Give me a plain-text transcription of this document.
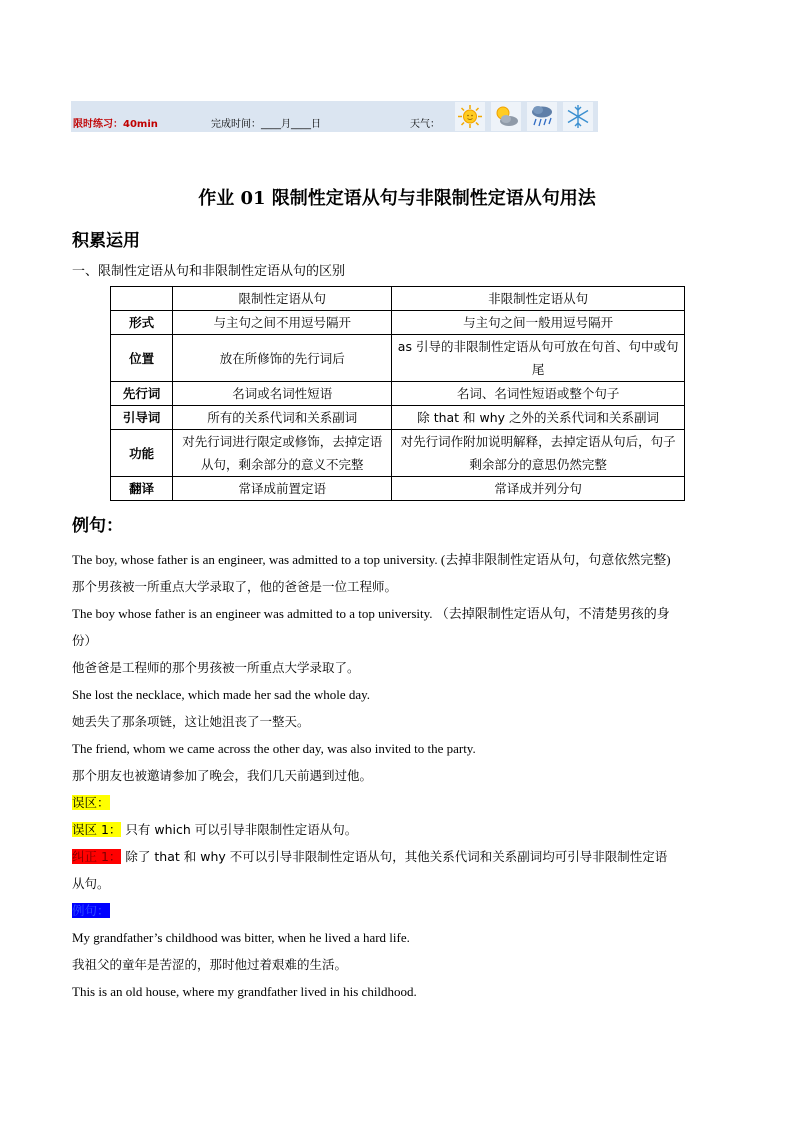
限时练习：40min	完成时间：____月____日	天气：
作业 01 限制性定语从句与非限制性定语从句用法
积累运用
一、限制性定语从句和非限制性定语从句的区别
	限制性定语从句	非限制性定语从句
形式	与主句之间不用逗号隔开	与主句之间一般用逗号隔开
位置	放在所修饰的先行词后	as 引导的非限制性定语从句可放在句首、句中或句尾
先行词	名词或名词性短语	名词、名词性短语或整个句子
引导词	所有的关系代词和关系副词	除 that 和 why 之外的关系代词和关系副词
功能	对先行词进行限定或修饰，去掉定语从句，剩余部分的意义不完整	对先行词作附加说明解释，去掉定语从句后，句子剩余部分的意思仍然完整
翻译	常译成前置定语	常译成并列分句
例句：
The boy, whose father is an engineer, was admitted to a top university. (去掉非限制性定语从句，句意依然完整)
那个男孩被一所重点大学录取了，他的爸爸是一位工程师。
The boy whose father is an engineer was admitted to a top university. （去掉限制性定语从句，不清楚男孩的身
份）
他爸爸是工程师的那个男孩被一所重点大学录取了。
She lost the necklace, which made her sad the whole day.
她丢失了那条项链，这让她沮丧了一整天。
The friend, whom we came across the other day, was also invited to the party.
那个朋友也被邀请参加了晚会，我们几天前遇到过他。
误区：
误区 1： 只有 which 可以引导非限制性定语从句。
纠正 1： 除了 that 和 why 不可以引导非限制性定语从句，其他关系代词和关系副词均可引导非限制性定语
从句。
例句：
My grandfather’s childhood was bitter, when he lived a hard life.
我祖父的童年是苦涩的，那时他过着艰难的生活。
This is an old house, where my grandfather lived in his childhood.
